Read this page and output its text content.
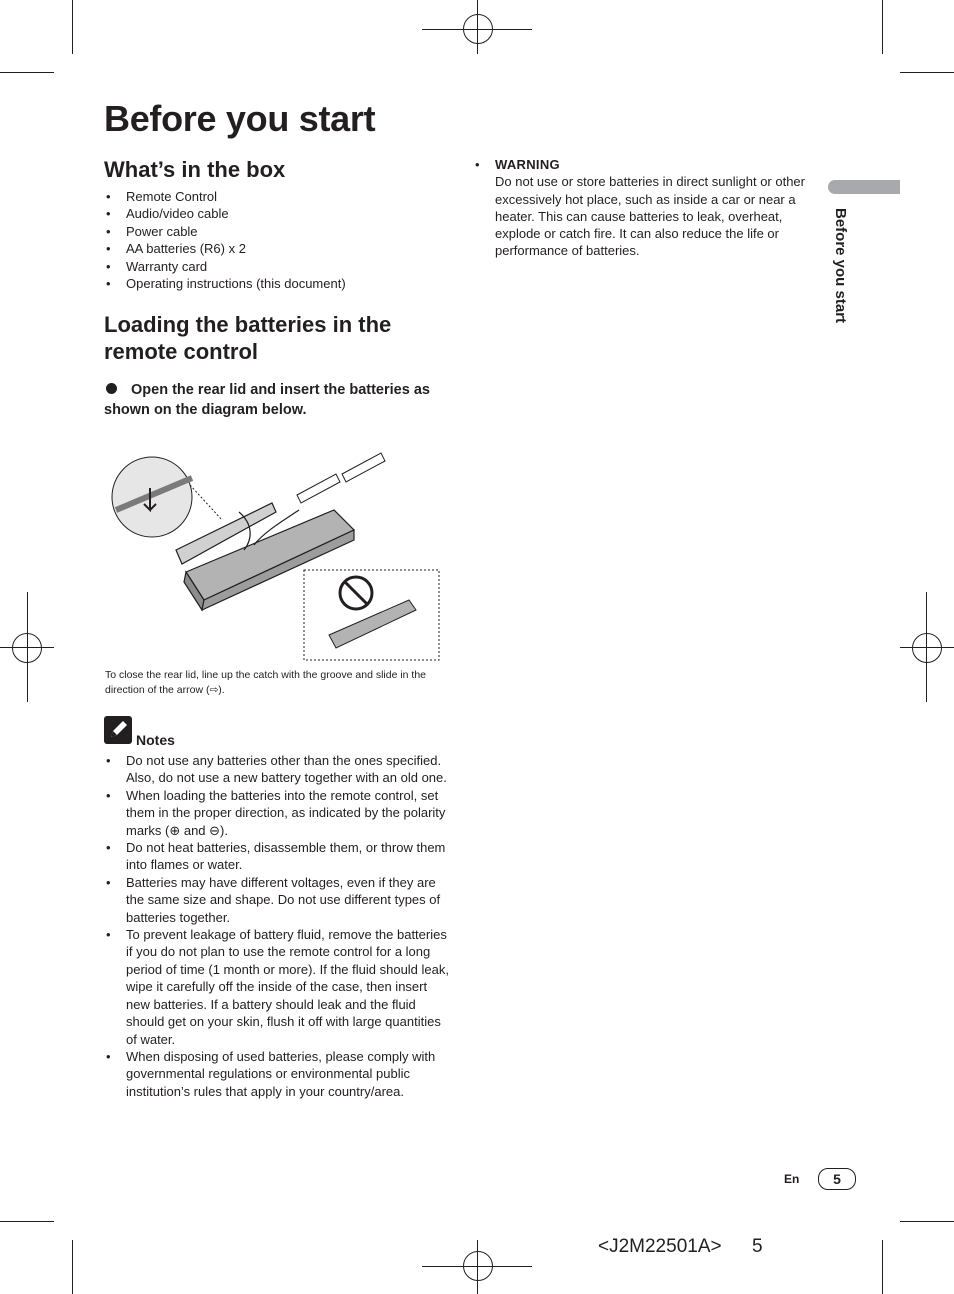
Before you start
What’s in the box
• Remote Control
• Audio/video cable
• Power cable
• AA batteries (R6) x 2
• Warranty card
• Operating instructions (this document)
Loading the batteries in the
remote control
Open the rear lid and insert the batteries as shown on the diagram below.
To close the rear lid, line up the catch with the groove and slide in the direction of the arrow (⇨).
Notes
• Do not use any batteries other than the ones specified. Also, do not use a new battery together with an old one.
• When loading the batteries into the remote control, set them in the proper direction, as indicated by the polarity marks (⊕ and ⊖).
• Do not heat batteries, disassemble them, or throw them into flames or water.
• Batteries may have different voltages, even if they are the same size and shape. Do not use different types of batteries together.
• To prevent leakage of battery fluid, remove the batteries if you do not plan to use the remote control for a long period of time (1 month or more). If the fluid should leak, wipe it carefully off the inside of the case, then insert new batteries. If a battery should leak and the fluid should get on your skin, flush it off with large quantities of water.
• When disposing of used batteries, please comply with governmental regulations or environmental public institution’s rules that apply in your country/area.
• WARNING
Do not use or store batteries in direct sunlight or other excessively hot place, such as inside a car or near a heater. This can cause batteries to leak, overheat, explode or catch fire. It can also reduce the life or performance of batteries.	Before you start
En	5
<J2M22501A> 5
